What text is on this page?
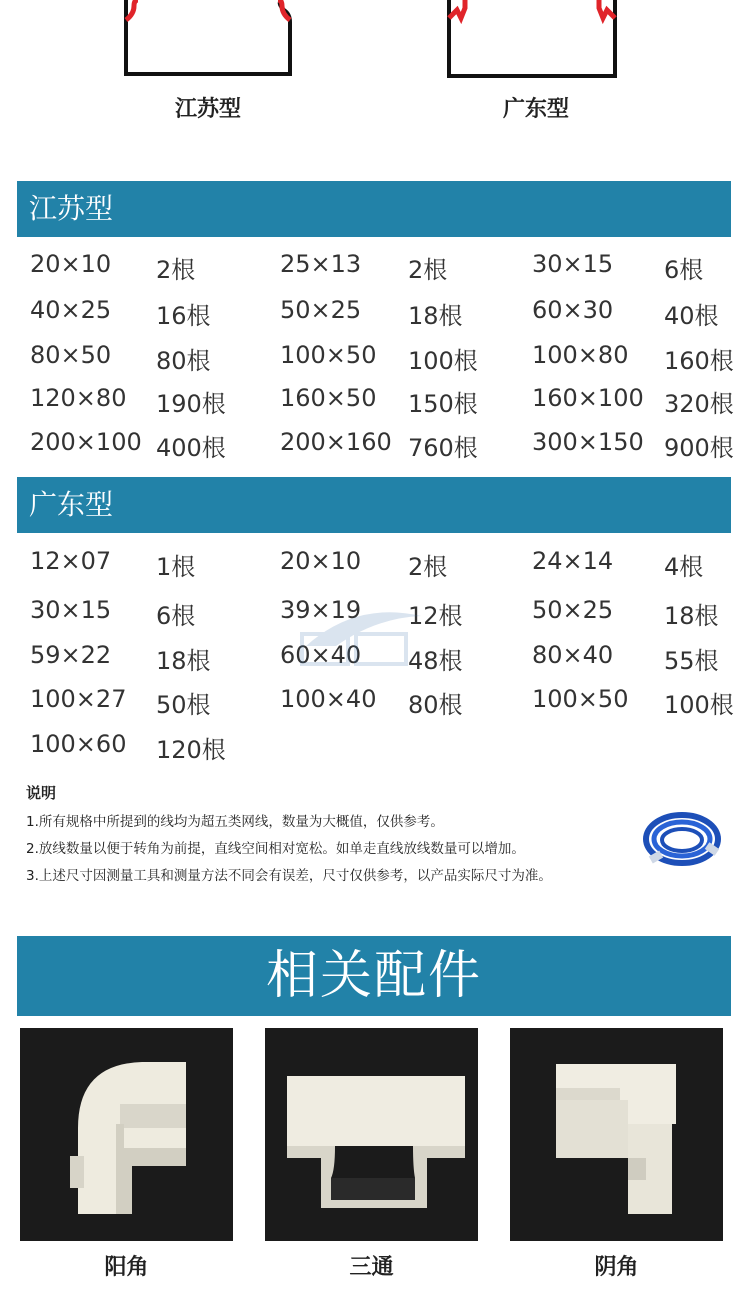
江苏型	广东型
江苏型
20×10 2根	25×13 2根	30×15 6根
40×25 16根	50×25 18根	60×30 40根
80×50 80根	100×50 100根 100×80 160根
120×80 190根 160×50 150根 160×100 320根
200×100 400根 200×160 760根 300×150 900根
广东型
12×07 1根	20×10 2根	24×14 4根
30×15 6根	39×19 12根	50×25 18根
59×22 18根	60×40 48根	80×40 55根
100×27 50根	100×40 80根	100×50 100根
100×60 120根
说明
1.所有规格中所提到的线均为超五类网线，数量为大概值，仅供参考。
2.放线数量以便于转角为前提，直线空间相对宽松。如单走直线放线数量可以增加。
3.上述尺寸因测量工具和测量方法不同会有误差，尺寸仅供参考，以产品实际尺寸为准。
相关配件
阳角	三通	阴角
